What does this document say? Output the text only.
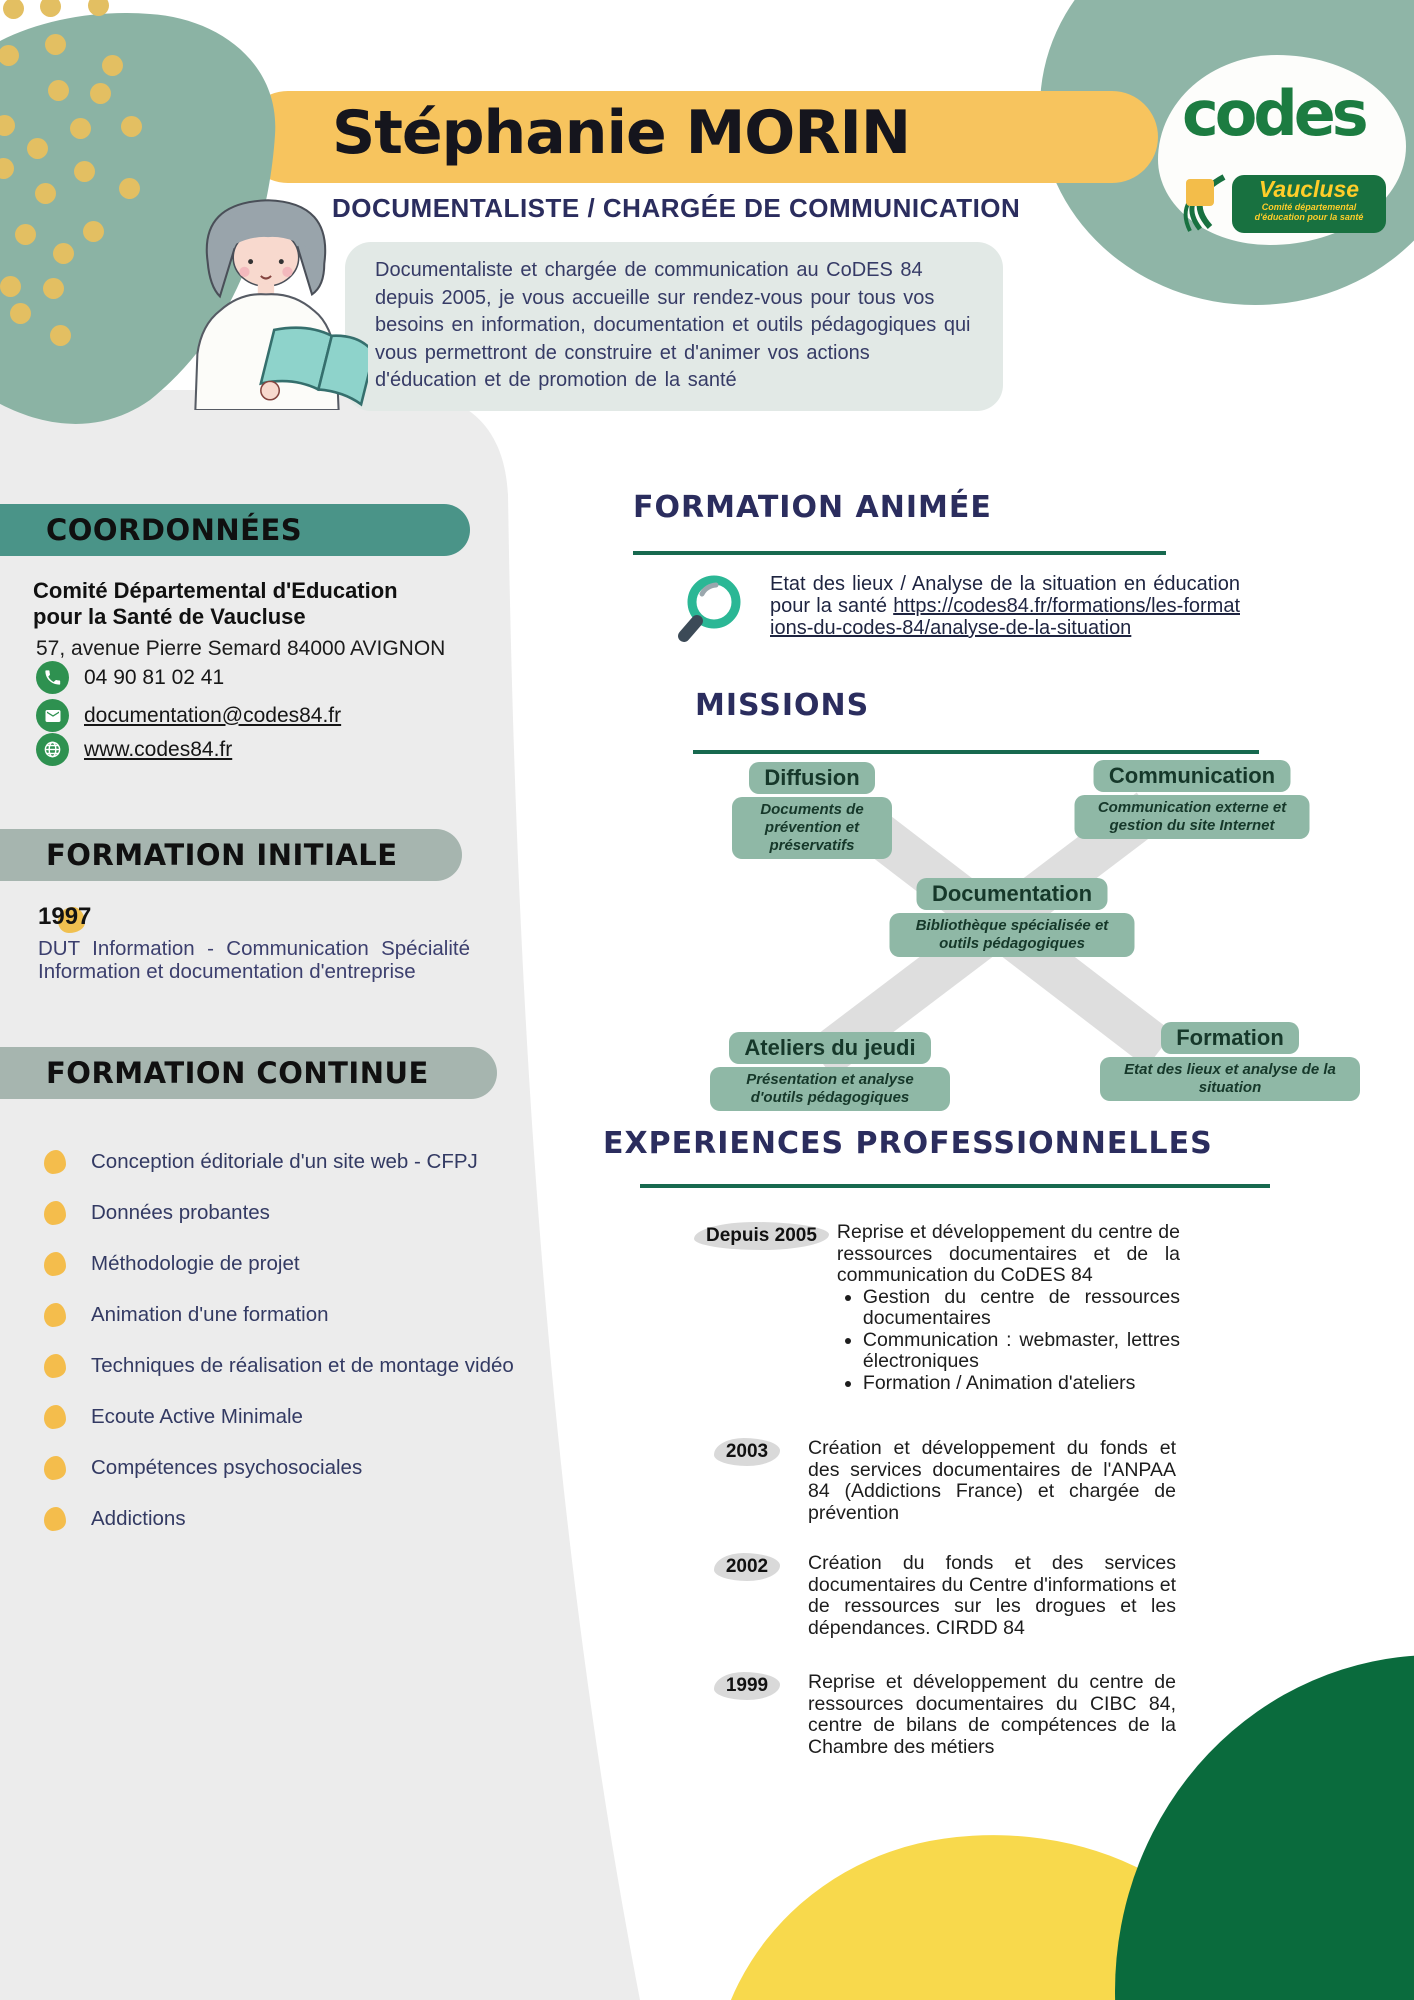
codes
Vaucluse
Comité départemental
d'éducation pour la santé
Stéphanie MORIN
DOCUMENTALISTE / CHARGÉE DE COMMUNICATION

Documentaliste et chargée de communication au CoDES 84 depuis 2005, je vous accueille sur rendez-vous pour tous vos besoins en information, documentation et outils pédagogiques qui vous permettront de construire et d'animer vos actions d'éducation et de promotion de la santé

COORDONNÉES
Comité Départemental d'Education
pour la Santé de Vaucluse
57, avenue Pierre Semard 84000 AVIGNON
04 90 81 02 41
documentation@codes84.fr
www.codes84.fr
FORMATION INITIALE
1997
DUT Information - Communication Spécialité Information et documentation d'entreprise
FORMATION CONTINUE
Conception éditoriale d'un site web - CFPJ
Données probantes
Méthodologie de projet
Animation d'une formation
Techniques de réalisation et de montage vidéo
Ecoute Active Minimale
Compétences psychosociales
Addictions
FORMATION ANIMÉE
Etat des lieux / Analyse de la situation en éducation pour la santé https://codes84.fr/formations/les-formations-du-codes-84/analyse-de-la-situation
MISSIONS
Diffusion
Documents de prévention et préservatifs
Communication
Communication externe et gestion du site Internet
Documentation
Bibliothèque spécialisée et outils pédagogiques
Ateliers du jeudi
Présentation et analyse d'outils pédagogiques
Formation
Etat des lieux et analyse de la situation
EXPERIENCES PROFESSIONNELLES
Depuis 2005	Reprise et développement du centre de ressources documentaires et de la communication du CoDES 84

• Gestion du centre de ressources documentaires
• Communication : webmaster, lettres électroniques
• Formation / Animation d'ateliers
2003	Création et développement du fonds et des services documentaires de l'ANPAA 84 (Addictions France) et chargée de prévention

2002	Création du fonds et des services documentaires du Centre d'informations et de ressources sur les drogues et les dépendances. CIRDD 84

1999	Reprise et développement du centre de ressources documentaires du CIBC 84, centre de bilans de compétences de la Chambre des métiers
